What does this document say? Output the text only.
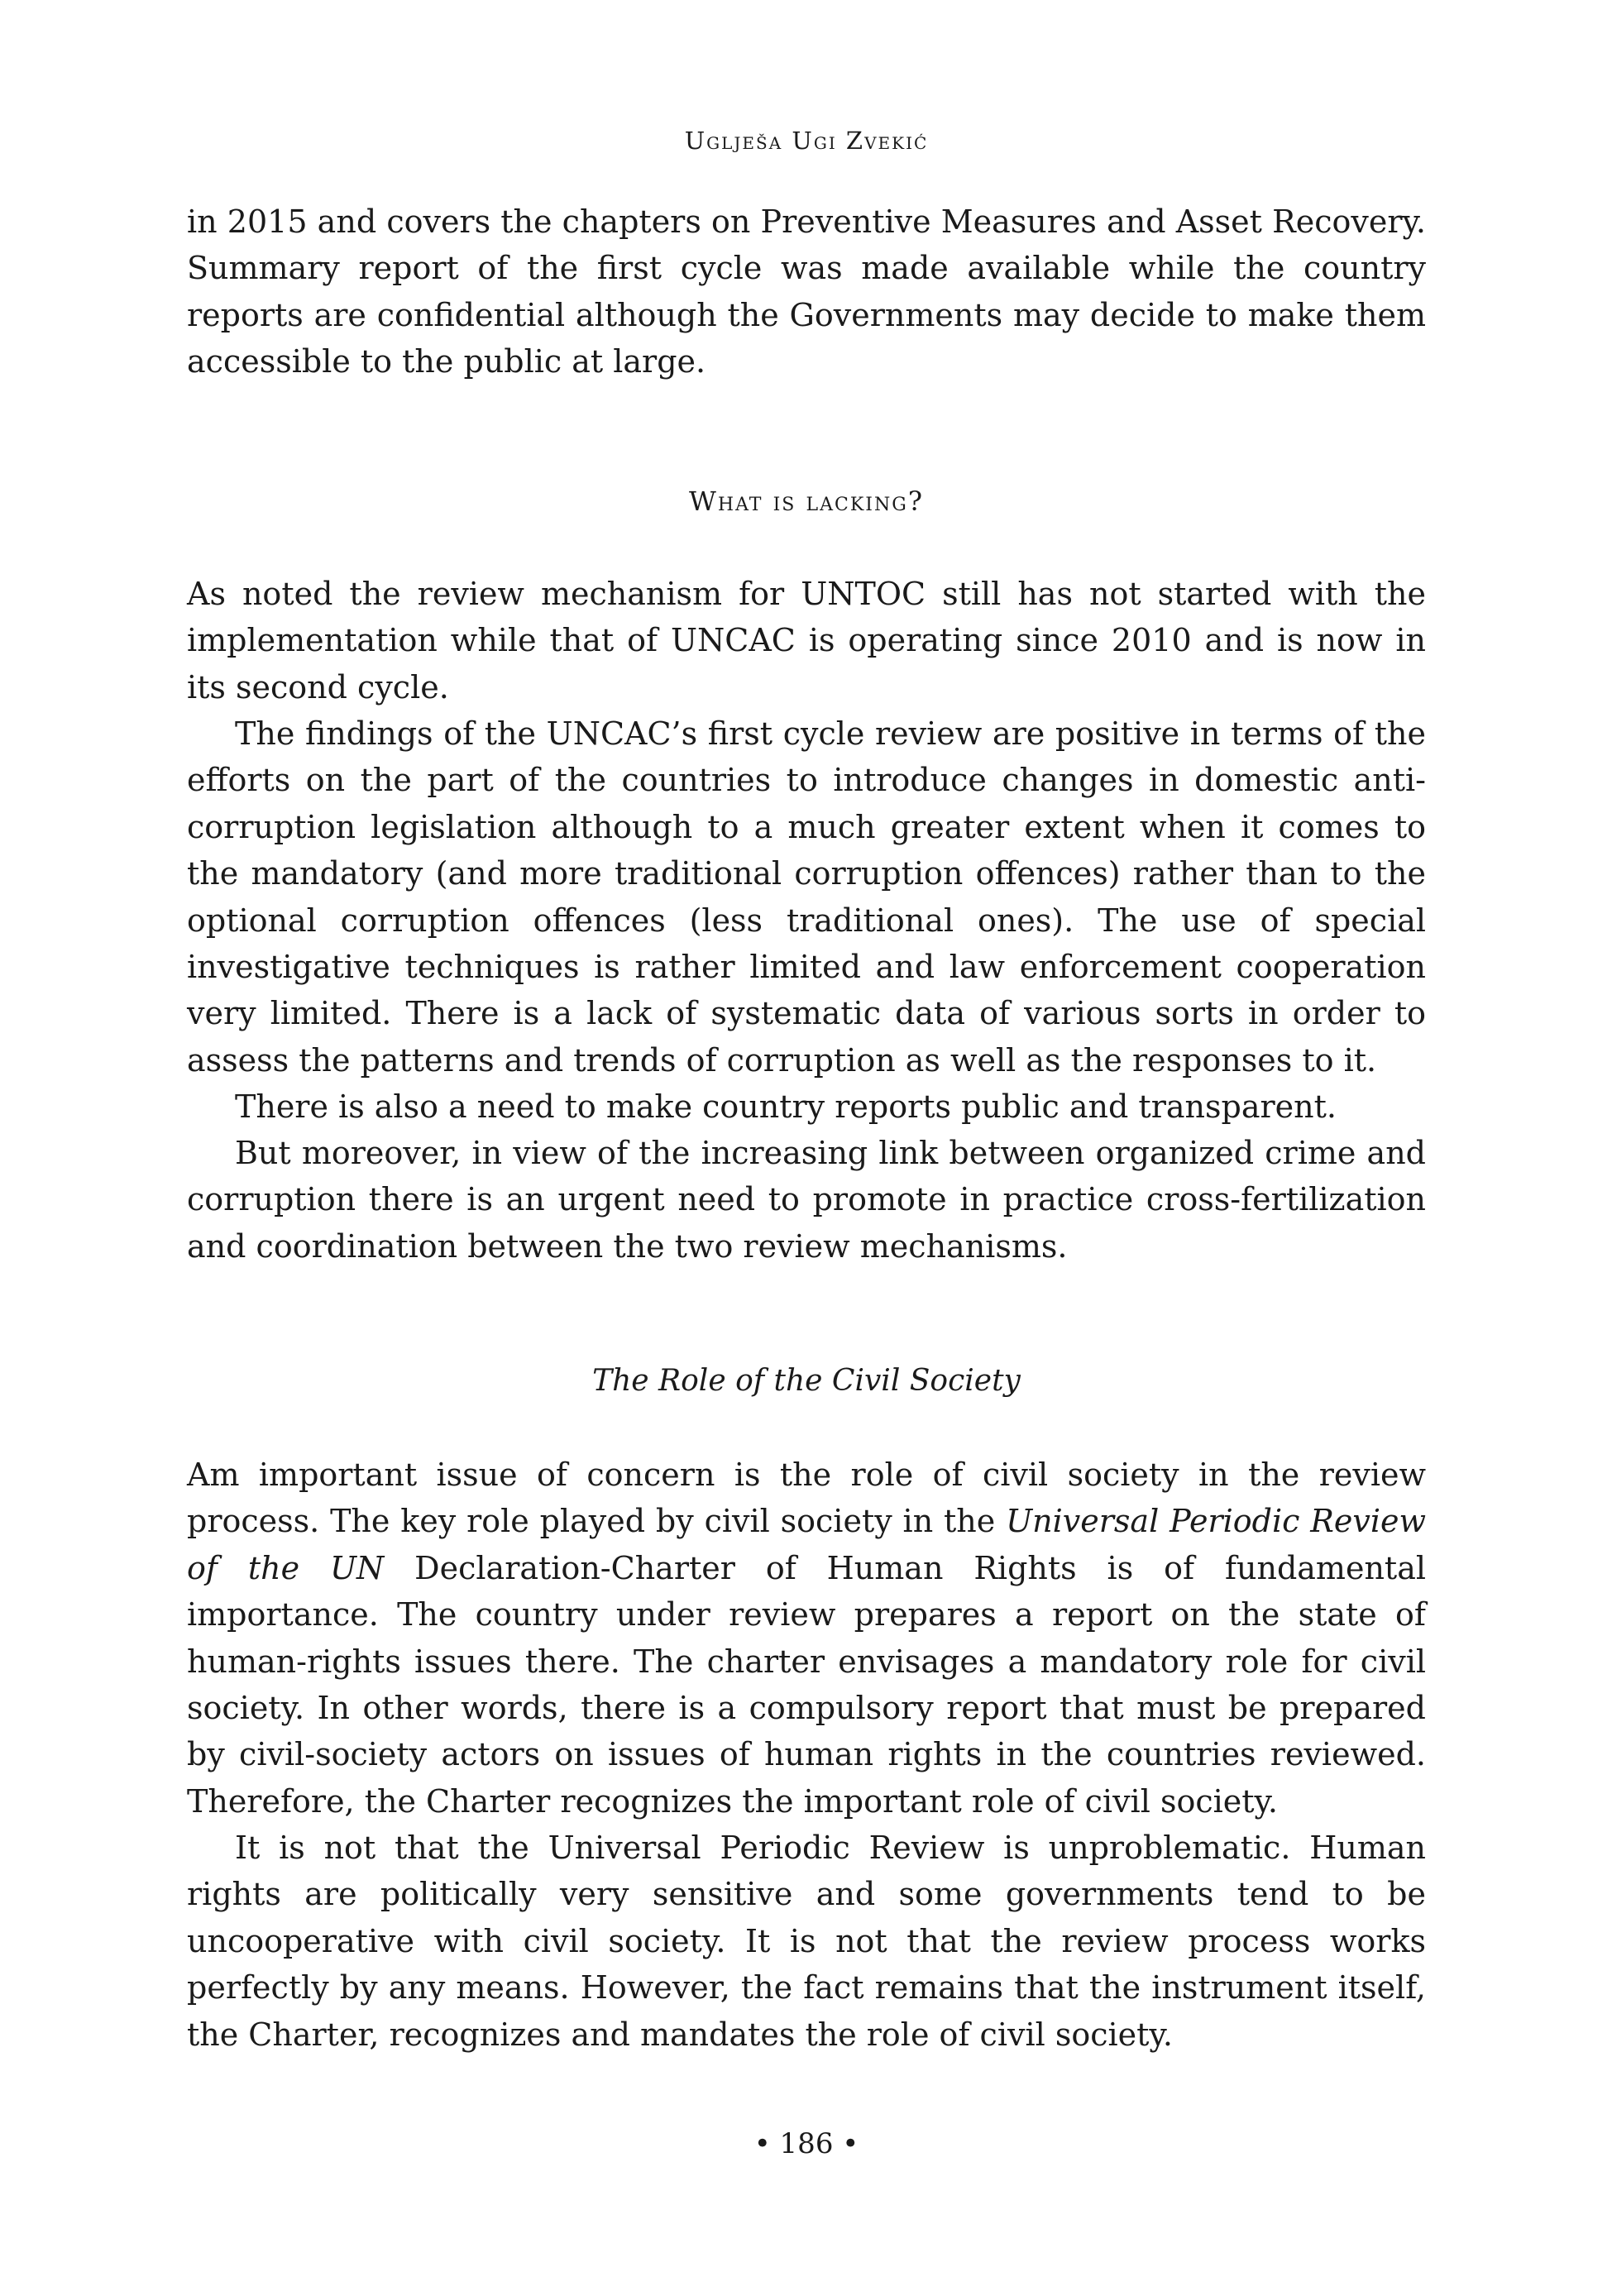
Uglješa Ugi Zvekić

in 2015 and covers the chapters on Preventive Measures and Asset Recovery. Summary report of the first cycle was made available while the country reports are confidential although the Governments may decide to make them accessible to the public at large.

What is lacking?

As noted the review mechanism for UNTOC still has not started with the implementation while that of UNCAC is operating since 2010 and is now in its second cycle.

The findings of the UNCAC’s first cycle review are positive in terms of the efforts on the part of the countries to introduce changes in domestic anti-corruption legislation although to a much greater extent when it comes to the mandatory (and more traditional corruption offences) rather than to the optional corruption offences (less traditional ones). The use of special investigative techniques is rather limited and law enforcement cooperation very limited. There is a lack of systematic data of various sorts in order to assess the patterns and trends of corruption as well as the responses to it.

There is also a need to make country reports public and transparent.

But moreover, in view of the increasing link between organized crime and corruption there is an urgent need to promote in practice cross-fertilization and coordination between the two review mechanisms.

The Role of the Civil Society

Am important issue of concern is the role of civil society in the review process. The key role played by civil society in the Universal Periodic Review of the UN Declaration-Charter of Human Rights is of fundamental importance. The country under review prepares a report on the state of human-rights issues there. The charter envisages a mandatory role for civil society. In other words, there is a compulsory report that must be prepared by civil-society actors on issues of human rights in the countries reviewed. Therefore, the Charter recognizes the important role of civil society.

It is not that the Universal Periodic Review is unproblematic. Human rights are politically very sensitive and some governments tend to be uncooperative with civil society. It is not that the review process works perfectly by any means. However, the fact remains that the instrument itself, the Charter, recognizes and mandates the role of civil society.

• 186 •
